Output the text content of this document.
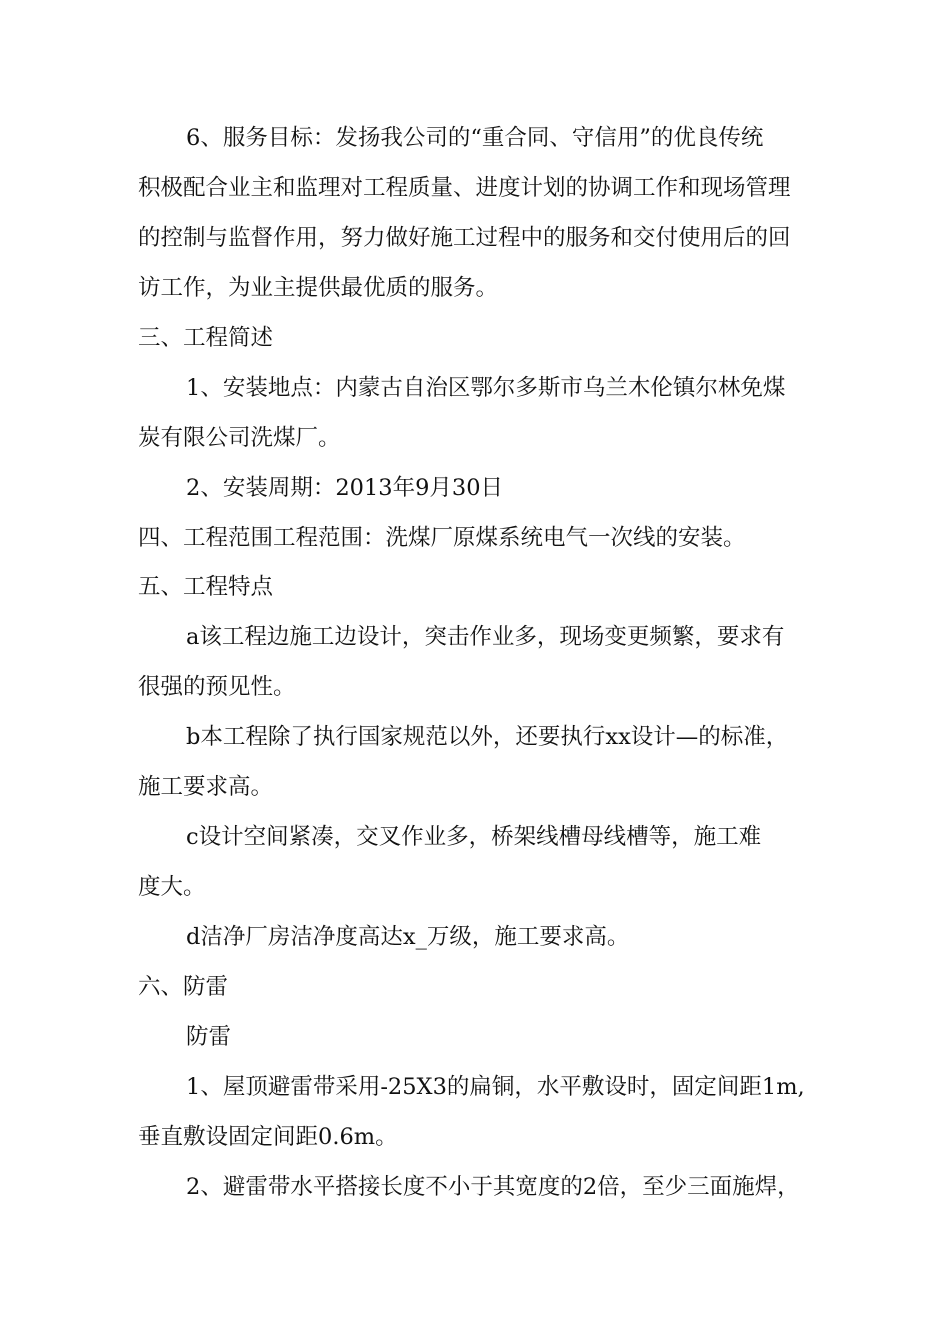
6、服务目标：发扬我公司的“重合同、守信用”的优良传统
积极配合业主和监理对工程质量、进度计划的协调工作和现场管理
的控制与监督作用，努力做好施工过程中的服务和交付使用后的回
访工作，为业主提供最优质的服务。
三、工程简述
1、安装地点：内蒙古自治区鄂尔多斯市乌兰木伦镇尔林免煤
炭有限公司洗煤厂。
2、安装周期：2013年9月30日
四、工程范围工程范围：洗煤厂原煤系统电气一次线的安装。
五、工程特点
a该工程边施工边设计，突击作业多，现场变更频繁，要求有
很强的预见性。
b本工程除了执行国家规范以外，还要执行xx设计—的标准，
施工要求高。
c设计空间紧凑，交叉作业多，桥架线槽母线槽等，施工难
度大。
d洁净厂房洁净度高达x_万级，施工要求高。
六、防雷
防雷
1、屋顶避雷带采用-25X3的扁铜，水平敷设时，固定间距1m,
垂直敷设固定间距0.6m。
2、避雷带水平搭接长度不小于其宽度的2倍，至少三面施焊，
